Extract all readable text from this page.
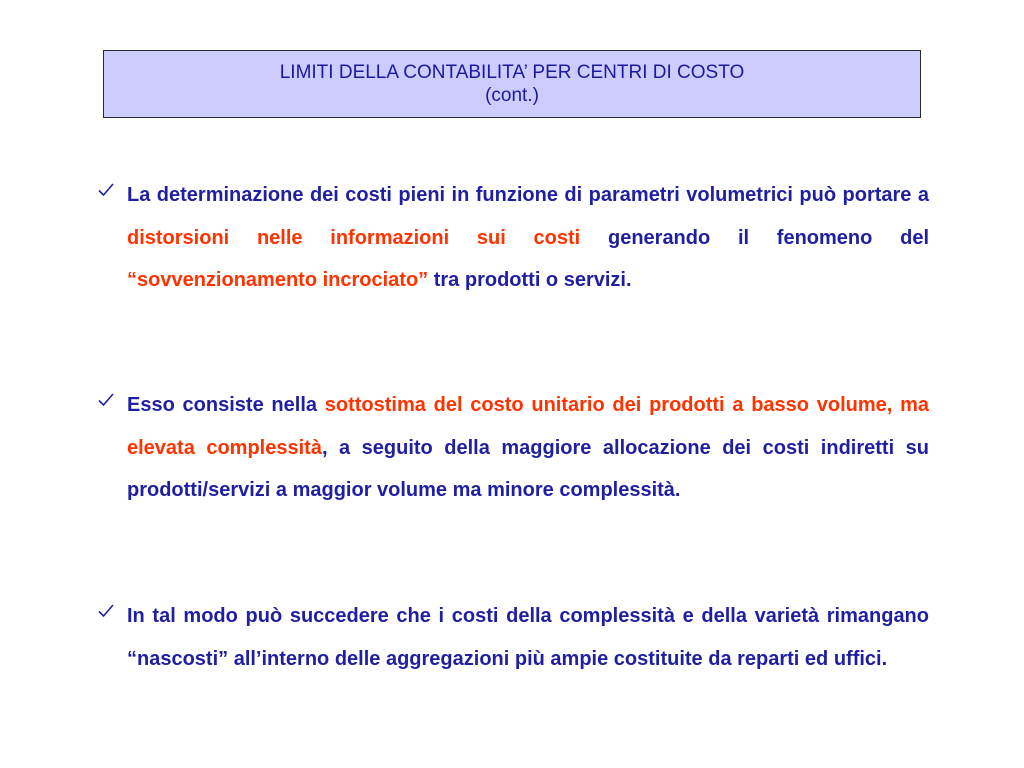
LIMITI DELLA CONTABILITA’ PER CENTRI DI COSTO
(cont.)

La determinazione dei costi pieni in funzione di parametri volumetrici può portare a distorsioni nelle informazioni sui costi generando il fenomeno del “sovvenzionamento incrociato” tra prodotti o servizi.

Esso consiste nella sottostima del costo unitario dei prodotti a basso volume, ma elevata complessità, a seguito della maggiore allocazione dei costi indiretti su prodotti/servizi a maggior volume ma minore complessità.

In tal modo può succedere che i costi della complessità e della varietà rimangano “nascosti” all’interno delle aggregazioni più ampie costituite da reparti ed uffici.
